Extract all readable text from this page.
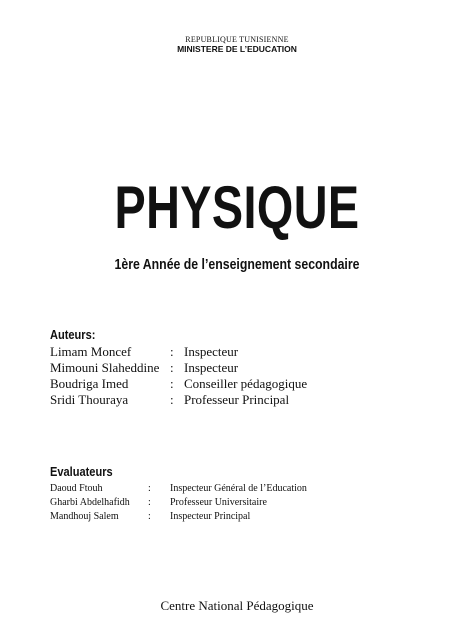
REPUBLIQUE TUNISIENNE
MINISTERE DE L’EDUCATION
PHYSIQUE
1ère Année de l’enseignement secondaire
Auteurs:
Limam Moncef	:	Inspecteur
Mimouni Slaheddine	:	Inspecteur
Boudriga Imed	:	Conseiller pédagogique
Sridi Thouraya	:	Professeur Principal
Evaluateurs
Daoud Ftouh	:	Inspecteur Général de l’Education
Gharbi Abdelhafidh	:	Professeur Universitaire
Mandhouj Salem	:	Inspecteur Principal
Centre National Pédagogique
